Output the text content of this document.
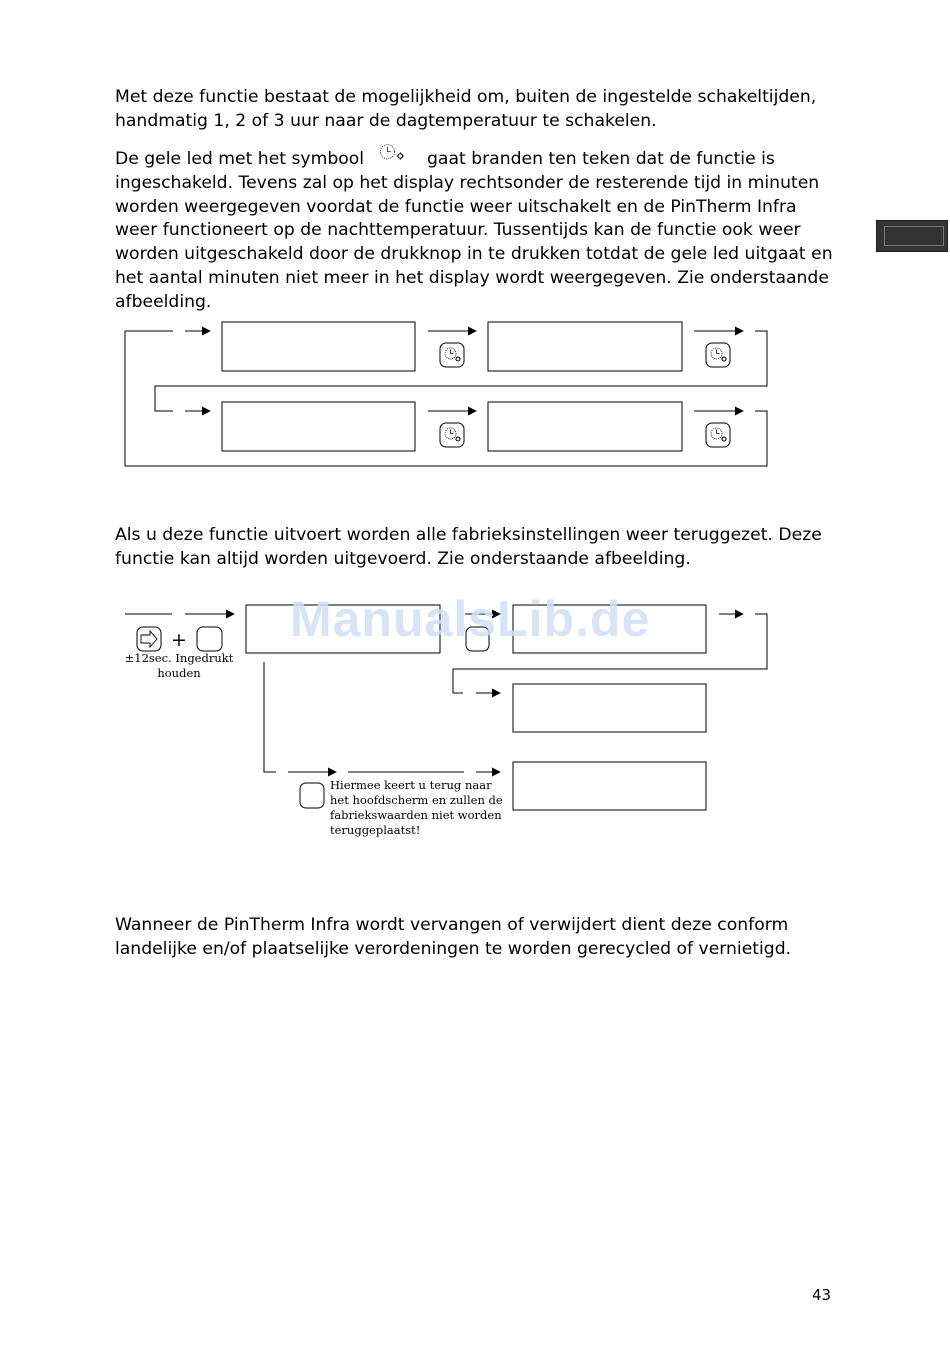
Met deze functie bestaat de mogelijkheid om, buiten de ingestelde schakeltijden, handmatig 1, 2 of 3 uur naar de dagtemperatuur te schakelen.

De gele led met het symbool	gaat branden ten teken dat de functie is ingeschakeld. Tevens zal op het display rechtsonder de resterende tijd in minuten worden weergegeven voordat de functie weer uitschakelt en de PinTherm Infra weer functioneert op de nachttemperatuur. Tussentijds kan de functie ook weer worden uitgeschakeld door de drukknop in te drukken totdat de gele led uitgaat en het aantal minuten niet meer in het display wordt weergegeven. Zie onderstaande afbeelding.

Als u deze functie uitvoert worden alle fabrieksinstellingen weer teruggezet. Deze functie kan altijd worden uitgevoerd. Zie onderstaande afbeelding.

+ ManualsLib.de
±12sec. Ingedrukt houden
Hiermee keert u terug naar het hoofdscherm en zullen de fabriekswaarden niet worden teruggeplaatst!

Wanneer de PinTherm Infra wordt vervangen of verwijdert dient deze conform landelijke en/of plaatselijke verordeningen te worden gerecycled of vernietigd.

43
